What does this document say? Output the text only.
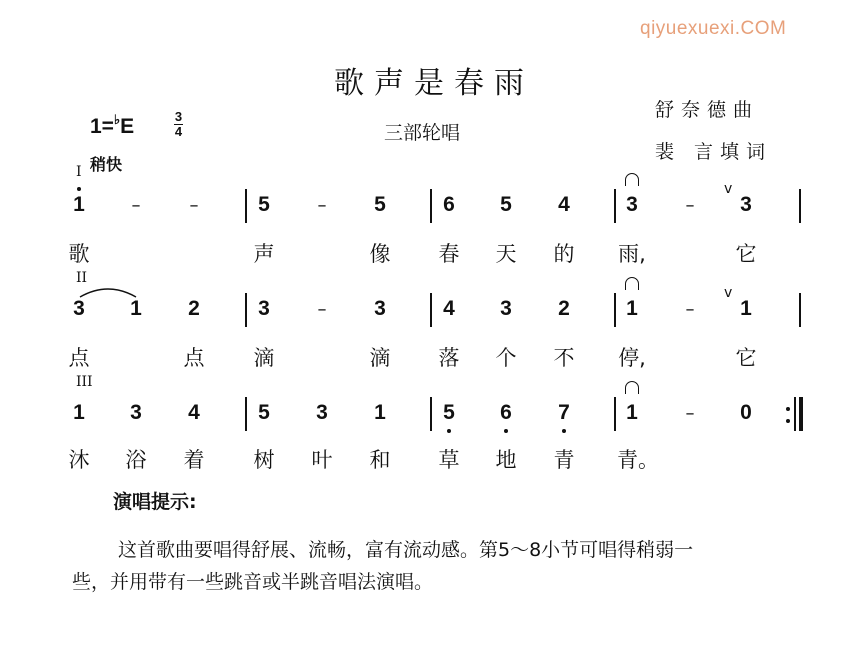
qiyuexuexi.COM
歌声是春雨
1=♭E	3
4	三部轮唱
舒奈德曲
裴 言填词
稍快
I
1	–	–	5	–	5	6	5	4	3	–	3
歌	声	像 春 天 的 雨,	它
v
II
3	1	2	3	–	3	4	3	2	1	–	1
点	点 滴	滴 落 个 不 停,	它
v
III
1	3	4	5	3	1	5	6	7	1	–	0
沐 浴 着 树 叶 和 草 地 青 青。
演唱提示:
这首歌曲要唱得舒展、流畅，富有流动感。第5～8小节可唱得稍弱一
些，并用带有一些跳音或半跳音唱法演唱。
